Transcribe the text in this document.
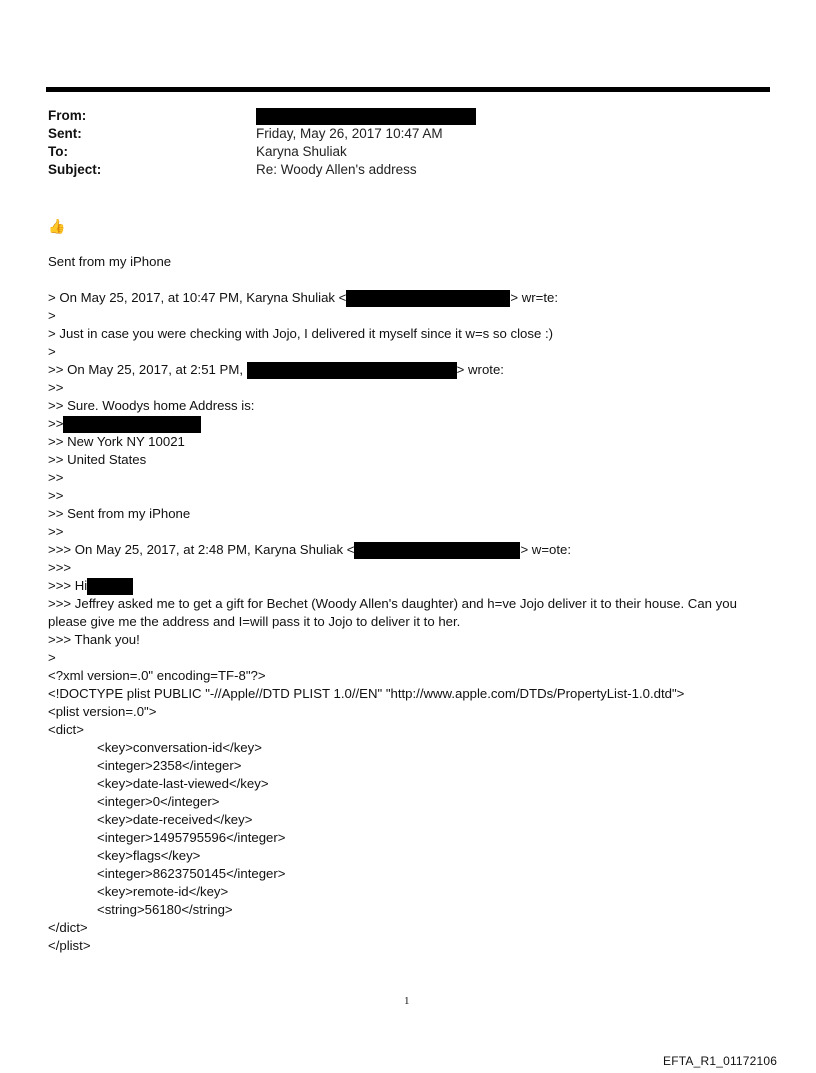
From:
Sent:	Friday, May 26, 2017 10:47 AM
To:	Karyna Shuliak
Subject:	Re: Woody Allen's address
👍
Sent from my iPhone
> On May 25, 2017, at 10:47 PM, Karyna Shuliak <	> wr=te:
>
> Just in case you were checking with Jojo, I delivered it myself since it w=s so close :)
>
>> On May 25, 2017, at 2:51 PM,	> wrote:
>>
>> Sure. Woodys home Address is:
>>
>> New York NY 10021
>> United States
>>
>>
>> Sent from my iPhone
>>
>>> On May 25, 2017, at 2:48 PM, Karyna Shuliak <	> w=ote:
>>>
>>> Hi
>>> Jeffrey asked me to get a gift for Bechet (Woody Allen's daughter) and h=ve Jojo deliver it to their house. Can you please give me the address and I=will pass it to Jojo to deliver it to her.
>>> Thank you!
>
<?xml version=.0" encoding=TF-8"?>
<!DOCTYPE plist PUBLIC "-//Apple//DTD PLIST 1.0//EN" "http://www.apple.com/DTDs/PropertyList-1.0.dtd">
<plist version=.0">
<dict>
<key>conversation-id</key>
<integer>2358</integer>
<key>date-last-viewed</key>
<integer>0</integer>
<key>date-received</key>
<integer>1495795596</integer>
<key>flags</key>
<integer>8623750145</integer>
<key>remote-id</key>
<string>56180</string>
</dict>
</plist>
1
EFTA_R1_01172106
